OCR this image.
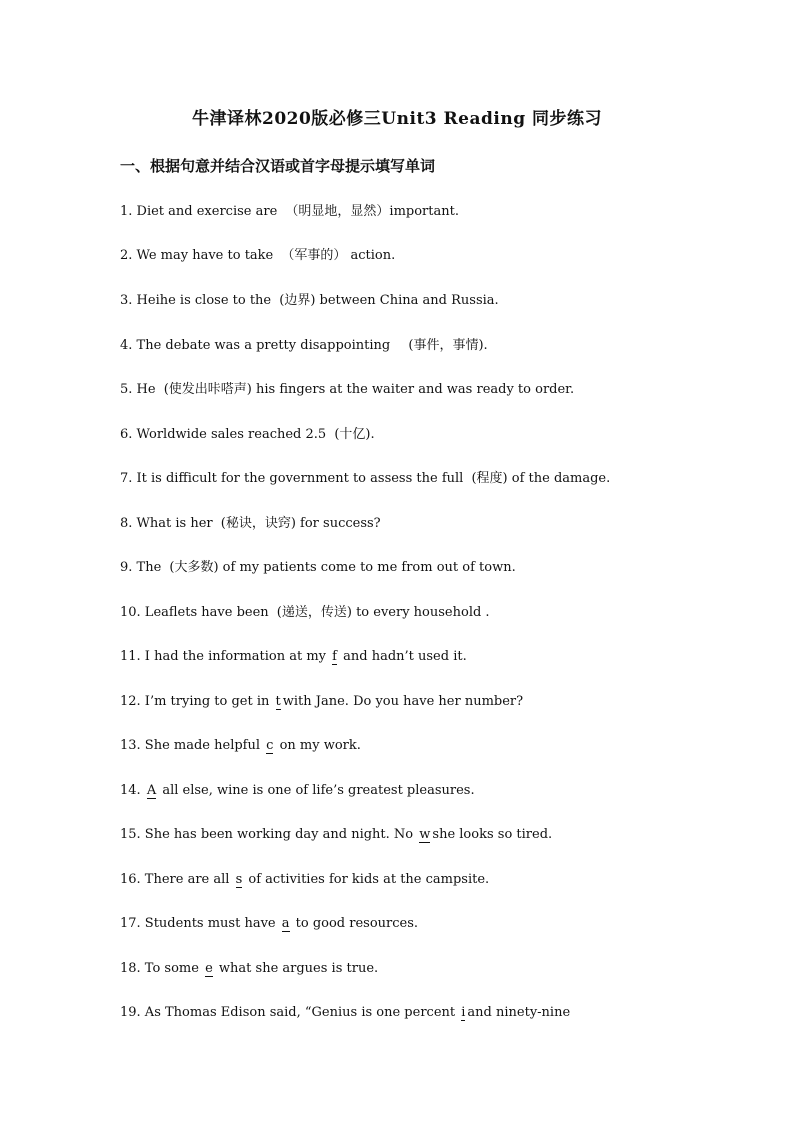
牛津译林2020版必修三Unit3 Reading 同步练习
一、根据句意并结合汉语或首字母提示填写单词
1. Diet and exercise are （明显地，显然）important.
2. We may have to take （军事的） action.
3. Heihe is close to the (边界) between China and Russia.
4. The debate was a pretty disappointing (事件，事情).
5. He (使发出咔嗒声) his fingers at the waiter and was ready to order.
6. Worldwide sales reached 2.5 (十亿).
7. It is difficult for the government to assess the full (程度) of the damage.
8. What is her (秘诀，诀窍) for success?
9. The (大多数) of my patients come to me from out of town.
10. Leaflets have been (递送，传送) to every household .
11. I had the information at my f and hadn’t used it.
12. I’m trying to get in t with Jane. Do you have her number?
13. She made helpful c on my work.
14. A all else, wine is one of life’s greatest pleasures.
15. She has been working day and night. No w she looks so tired.
16. There are all s of activities for kids at the campsite.
17. Students must have a to good resources.
18. To some e what she argues is true.
19. As Thomas Edison said, “Genius is one percent i and ninety-nine
